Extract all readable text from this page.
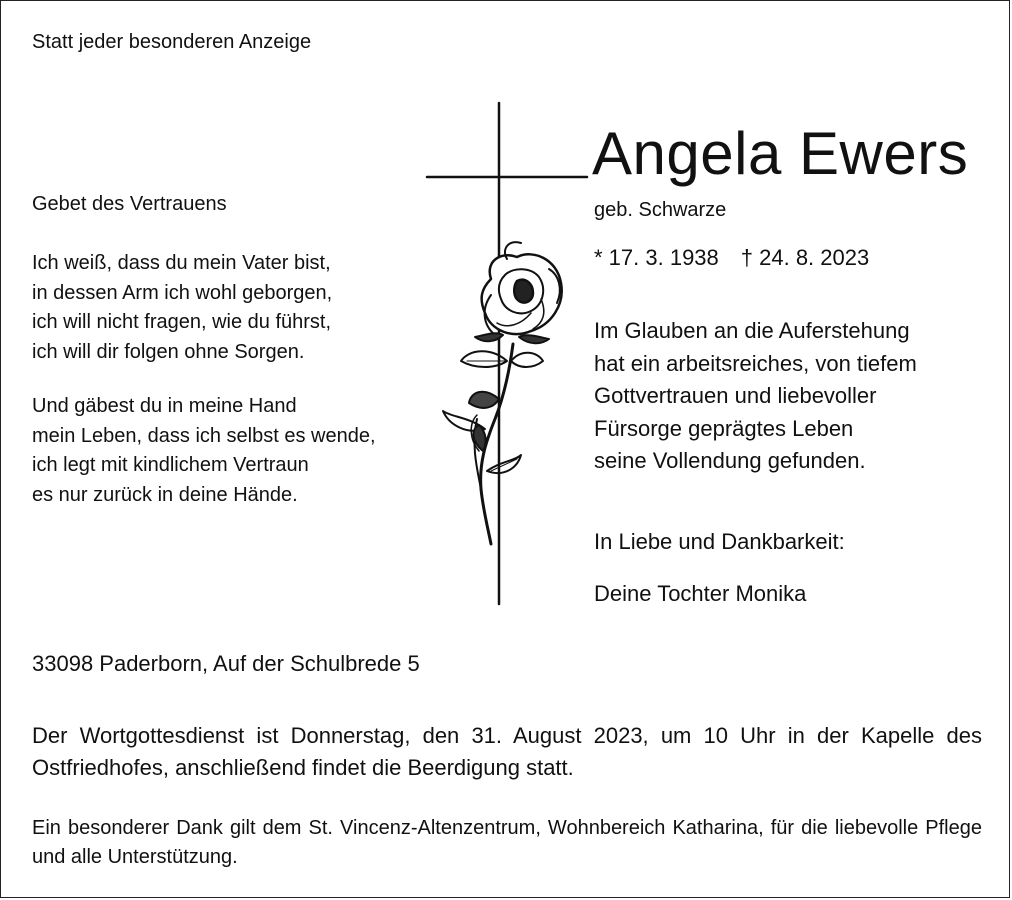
Statt jeder besonderen Anzeige
Gebet des Vertrauens
Ich weiß, dass du mein Vater bist,
in dessen Arm ich wohl geborgen,
ich will nicht fragen, wie du führst,
ich will dir folgen ohne Sorgen.
Und gäbest du in meine Hand
mein Leben, dass ich selbst es wende,
ich legt mit kindlichem Vertraun
es nur zurück in deine Hände.
Angela Ewers
geb. Schwarze
* 17. 3. 1938 † 24. 8. 2023
Im Glauben an die Auferstehung
hat ein arbeitsreiches, von tiefem
Gottvertrauen und liebevoller
Fürsorge geprägtes Leben
seine Vollendung gefunden.
In Liebe und Dankbarkeit:
Deine Tochter Monika
33098 Paderborn, Auf der Schulbrede 5
Der Wortgottesdienst ist Donnerstag, den 31. August 2023, um 10 Uhr in der Kapelle des Ostfriedhofes, anschließend findet die Beerdigung statt.
Ein besonderer Dank gilt dem St. Vincenz-Altenzentrum, Wohnbereich Katharina, für die liebevolle Pflege und alle Unterstützung.
